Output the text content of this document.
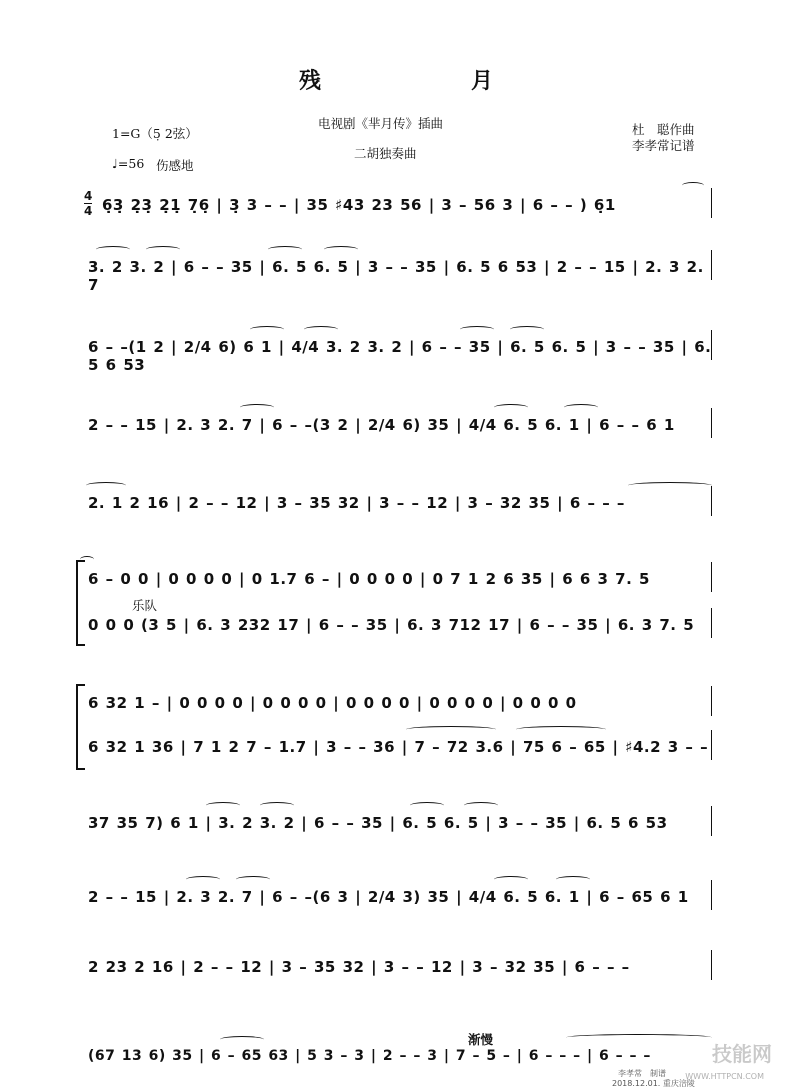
残	月
电视剧《芈月传》插曲
二胡独奏曲
1=G（5̣ 2弦）
♩=56 伤感地
杜　聪作曲
李孝常记谱
4
4 6̣3̣ 2̣3̣ 2̣1̣ 7̣6̣ | 3̣ 3 – – | 35 ♯43 23 56 | 3 – 56 3 | 6 – – ) 6̣1
3. 2 3. 2 | 6 – – 35 | 6. 5 6. 5 | 3 – – 35 | 6. 5 6 53 | 2 – – 15 | 2. 3 2. 7
6 – –(1 2 | 2/4 6) 6 1 | 4/4 3. 2 3. 2 | 6 – – 35 | 6. 5 6. 5 | 3 – – 35 | 6. 5 6 53
2 – – 15 | 2. 3 2. 7 | 6 – –(3 2 | 2/4 6) 35 | 4/4 6. 5 6. 1 | 6 – – 6 1
2. 1 2 16 | 2 – – 12 | 3 – 35 32 | 3 – – 12 | 3 – 32 35 | 6 – – –
6 – 0 0 | 0 0 0 0 | 0 1.7 6 – | 0 0 0 0 | 0 7 1 2 6 35 | 6 6 3 7. 5
乐队
0 0 0 (3 5 | 6. 3 232 17 | 6 – – 35 | 6. 3 712 17 | 6 – – 35 | 6. 3 7. 5
6 32 1 – | 0 0 0 0 | 0 0 0 0 | 0 0 0 0 | 0 0 0 0 | 0 0 0 0
6 32 1 36 | 7 1 2 7 – 1.7 | 3 – – 36 | 7 – 72 3.6 | 75 6 – 65 | ♯4.2 3 – –
37 35 7) 6 1 | 3. 2 3. 2 | 6 – – 35 | 6. 5 6. 5 | 3 – – 35 | 6. 5 6 53
2 – – 15 | 2. 3 2. 7 | 6 – –(6 3 | 2/4 3) 35 | 4/4 6. 5 6. 1 | 6 – 65 6 1
2 23 2 16 | 2 – – 12 | 3 – 35 32 | 3 – – 12 | 3 – 32 35 | 6 – – –
渐慢
(67 13 6) 35 | 6 – 65 63 | 5 3 – 3 | 2 – – 3 | 7 – 5 – | 6 – – – | 6 – – –	技能网
WWW.HTTPCN.COM
李孝常　制谱
2018.12.01. 重庆涪陵
